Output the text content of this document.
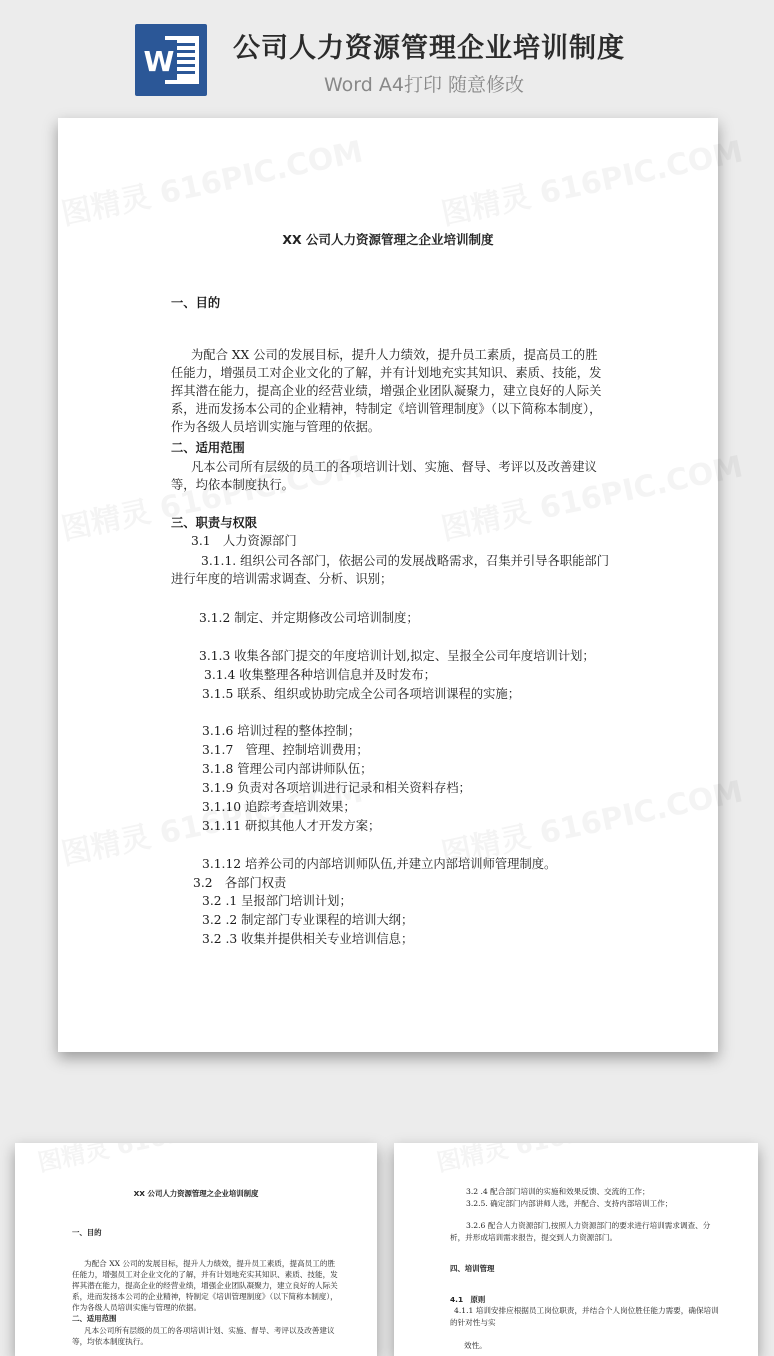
W 公司人力资源管理企业培训制度
Word A4打印 随意修改
XX 公司人力资源管理之企业培训制度
一、目的
为配合 XX 公司的发展目标，提升人力绩效，提升员工素质，提高员工的胜
任能力，增强员工对企业文化的了解，并有计划地充实其知识、素质、技能，发
挥其潜在能力，提高企业的经营业绩，增强企业团队凝聚力，建立良好的人际关
系，进而发扬本公司的企业精神，特制定《培训管理制度》（以下简称本制度），
作为各级人员培训实施与管理的依据。
二、适用范围
凡本公司所有层级的员工的各项培训计划、实施、督导、考评以及改善建议
等，均依本制度执行。
三、职责与权限
3.1　人力资源部门
3.1.1. 组织公司各部门，依据公司的发展战略需求，召集并引导各职能部门
进行年度的培训需求调查、分析、识别；
3.1.2 制定、并定期修改公司培训制度；
3.1.3 收集各部门提交的年度培训计划,拟定、呈报全公司年度培训计划；
3.1.4 收集整理各种培训信息并及时发布；
3.1.5 联系、组织或协助完成全公司各项培训课程的实施；
3.1.6 培训过程的整体控制；
3.1.7　管理、控制培训费用；
3.1.8 管理公司内部讲师队伍；
3.1.9 负责对各项培训进行记录和相关资料存档；
3.1.10 追踪考查培训效果；
3.1.11 研拟其他人才开发方案；
3.1.12 培养公司的内部培训师队伍,并建立内部培训师管理制度。
3.2　各部门权责
3.2 .1 呈报部门培训计划；
3.2 .2 制定部门专业课程的培训大纲；
3.2 .3 收集并提供相关专业培训信息；
XX 公司人力资源管理之企业培训制度
一、目的
为配合 XX 公司的发展目标，提升人力绩效，提升员工素质，提高员工的胜
任能力，增强员工对企业文化的了解，并有计划地充实其知识、素质、技能，发
挥其潜在能力，提高企业的经营业绩，增强企业团队凝聚力，建立良好的人际关
系，进而发扬本公司的企业精神，特制定《培训管理制度》（以下简称本制度），
作为各级人员培训实施与管理的依据。
二、适用范围
凡本公司所有层级的员工的各项培训计划、实施、督导、考评以及改善建议
等，均依本制度执行。
3.2 .4 配合部门培训的实施和效果反馈、交流的工作；
3.2.5. 确定部门内部讲师人选，并配合、支持内部培训工作；
3.2.6 配合人力资源部门,按照人力资源部门的要求进行培训需求调查、分
析，并形成培训需求报告，提交到人力资源部门。
四、培训管理
4.1　原则
4.1.1 培训安排应根据员工岗位职责，并结合个人岗位胜任能力需要，确保培训
的针对性与实
效性。
